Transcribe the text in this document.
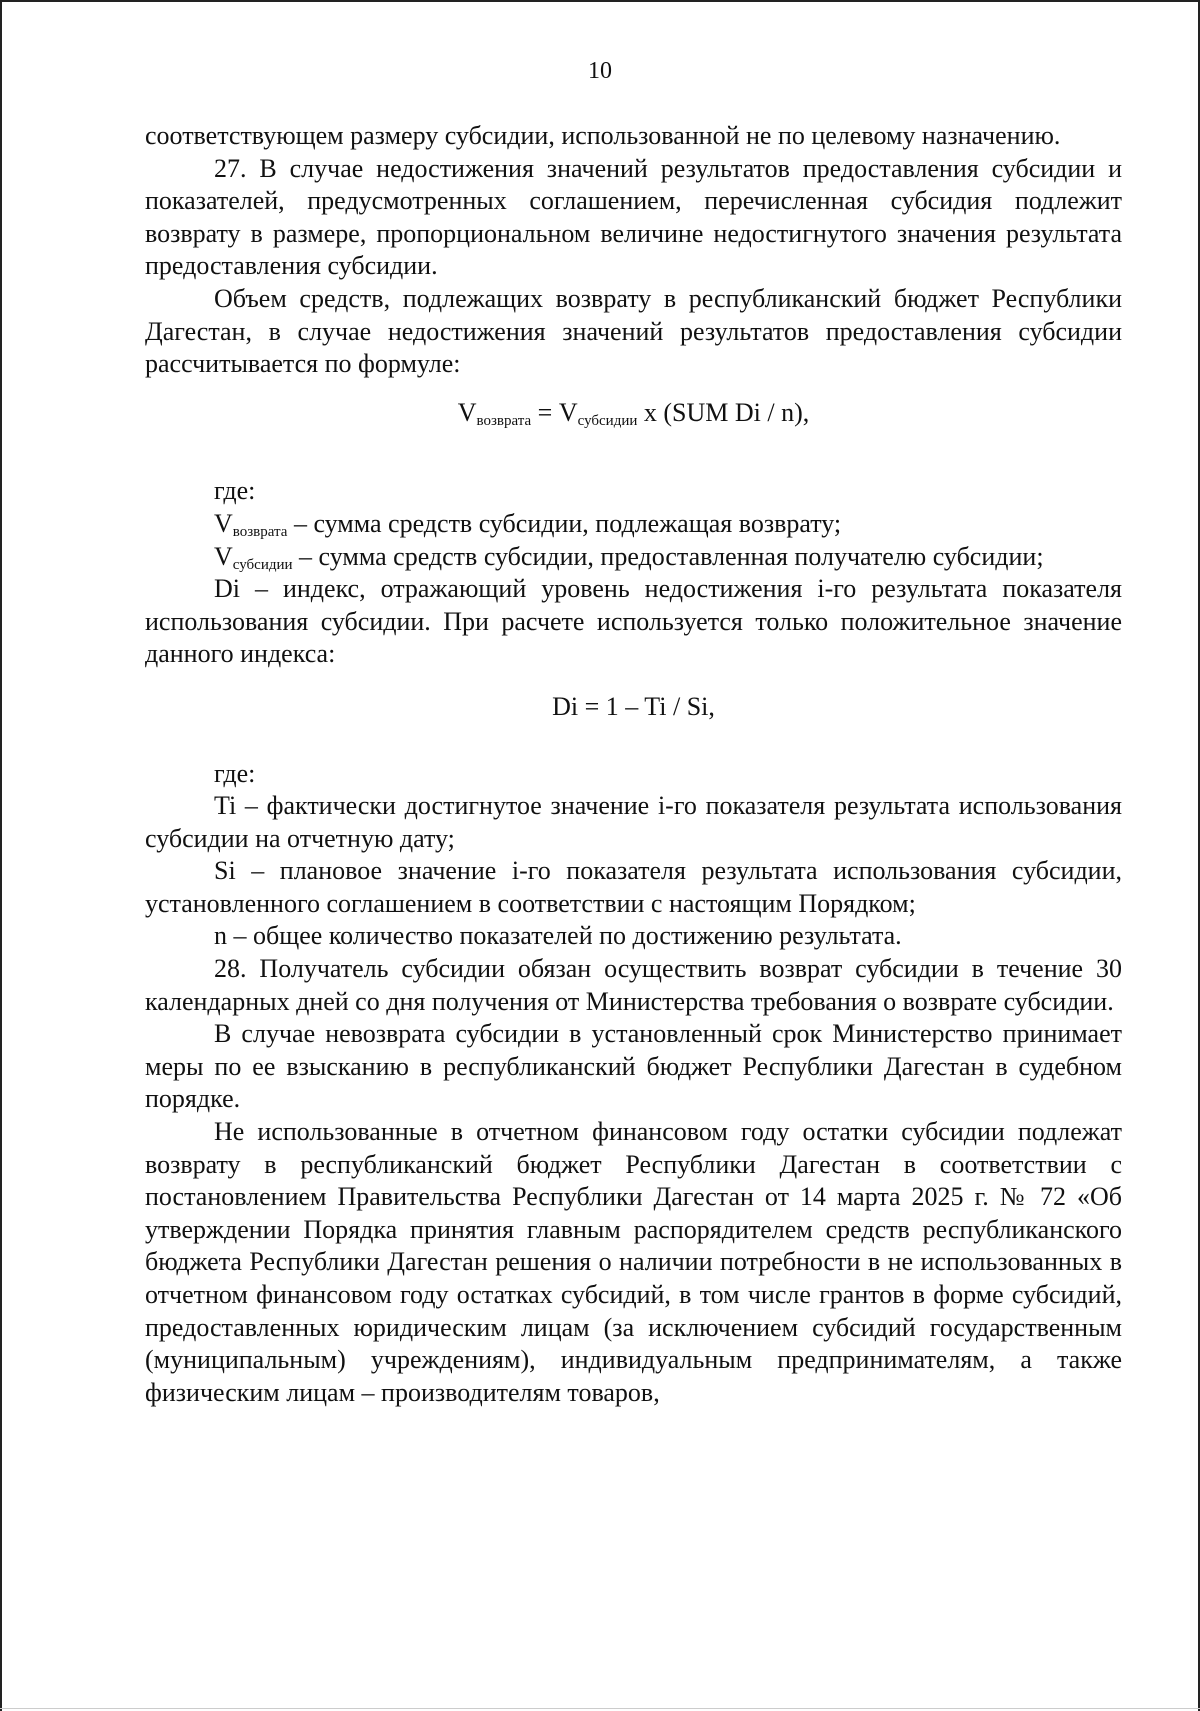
10

соответствующем размеру субсидии, использованной не по целевому назначению.

27. В случае недостижения значений результатов предоставления субсидии и показателей, предусмотренных соглашением, перечисленная субсидия подлежит возврату в размере, пропорциональном величине недостигнутого значения результата предоставления субсидии.

Объем средств, подлежащих возврату в республиканский бюджет Республики Дагестан, в случае недостижения значений результатов предоставления субсидии рассчитывается по формуле:

$V_{возврата} = V_{субсидии}$ x (SUM Di / n),

где:

$V_{возврата}$ – сумма средств субсидии, подлежащая возврату;

$V_{субсидии}$ – сумма средств субсидии, предоставленная получателю субсидии;

Di – индекс, отражающий уровень недостижения i-го результата показателя использования субсидии. При расчете используется только положительное значение данного индекса:

Di = 1 – Ti / Si,

где:

Ti – фактически достигнутое значение i-го показателя результата использования субсидии на отчетную дату;

Si – плановое значение i-го показателя результата использования субсидии, установленного соглашением в соответствии с настоящим Порядком;

n – общее количество показателей по достижению результата.

28. Получатель субсидии обязан осуществить возврат субсидии в течение 30 календарных дней со дня получения от Министерства требования о возврате субсидии.

В случае невозврата субсидии в установленный срок Министерство принимает меры по ее взысканию в республиканский бюджет Республики Дагестан в судебном порядке.

Не использованные в отчетном финансовом году остатки субсидии подлежат возврату в республиканский бюджет Республики Дагестан в соответствии с постановлением Правительства Республики Дагестан от 14 марта 2025 г. № 72 «Об утверждении Порядка принятия главным распорядителем средств республиканского бюджета Республики Дагестан решения о наличии потребности в не использованных в отчетном финансовом году остатках субсидий, в том числе грантов в форме субсидий, предоставленных юридическим лицам (за исключением субсидий государственным (муниципальным) учреждениям), индивидуальным предпринимателям, а также физическим лицам – производителям товаров,
